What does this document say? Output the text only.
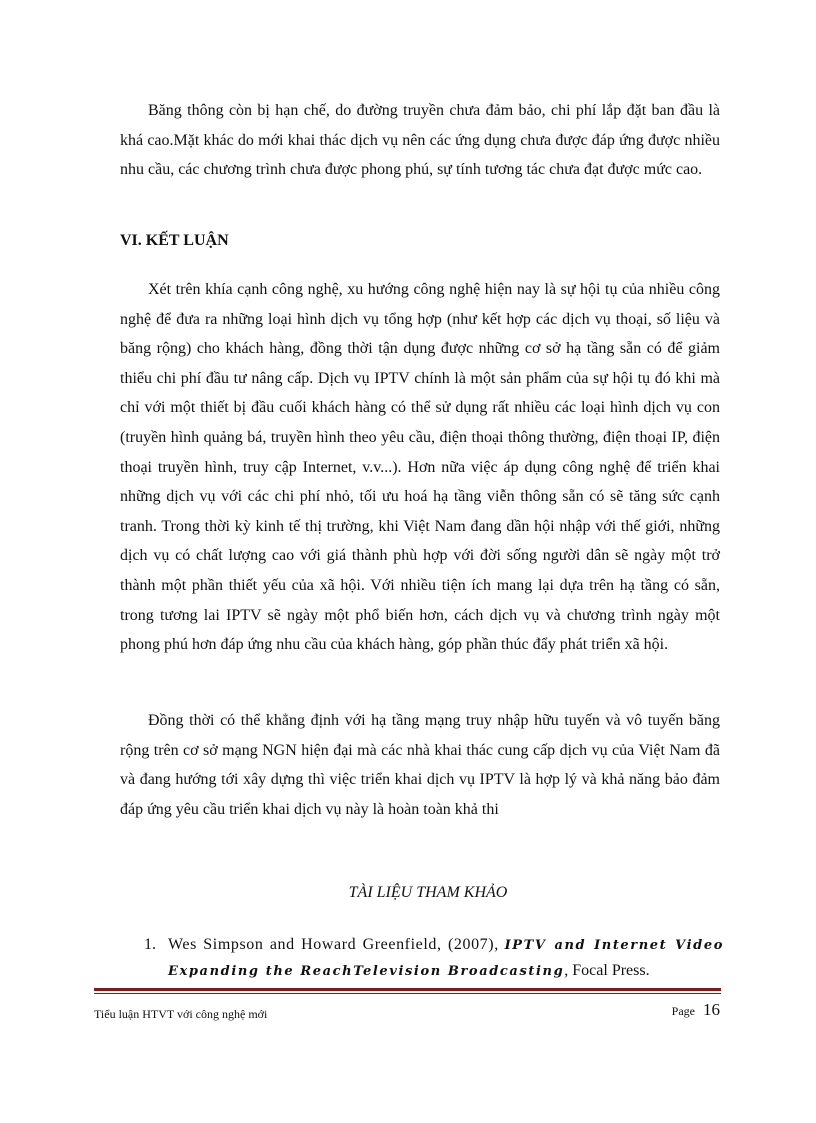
Băng thông còn bị hạn chế, do đường truyền chưa đảm bảo, chi phí lắp đặt ban đầu là khá cao.Mặt khác do mới khai thác dịch vụ nên các ứng dụng chưa được đáp ứng được nhiều nhu cầu, các chương trình chưa được phong phú, sự tính tương tác chưa đạt được mức cao.

VI. KẾT LUẬN

Xét trên khía cạnh công nghệ, xu hướng công nghệ hiện nay là sự hội tụ của nhiều công nghệ để đưa ra những loại hình dịch vụ tổng hợp (như kết hợp các dịch vụ thoại, số liệu và băng rộng) cho khách hàng, đồng thời tận dụng được những cơ sở hạ tầng sẵn có để giảm thiểu chi phí đầu tư nâng cấp. Dịch vụ IPTV chính là một sản phẩm của sự hội tụ đó khi mà chỉ với một thiết bị đầu cuối khách hàng có thể sử dụng rất nhiều các loại hình dịch vụ con (truyền hình quảng bá, truyền hình theo yêu cầu, điện thoại thông thường, điện thoại IP, điện thoại truyền hình, truy cập Internet, v.v...). Hơn nữa việc áp dụng công nghệ để triển khai những dịch vụ với các chi phí nhỏ, tối ưu hoá hạ tầng viễn thông sẵn có sẽ tăng sức cạnh tranh. Trong thời kỳ kinh tế thị trường, khi Việt Nam đang dần hội nhập với thế giới, những dịch vụ có chất lượng cao với giá thành phù hợp với đời sống người dân sẽ ngày một trở thành một phần thiết yếu của xã hội. Với nhiều tiện ích mang lại dựa trên hạ tầng có sẵn, trong tương lai IPTV sẽ ngày một phổ biến hơn, cách dịch vụ và chương trình ngày một phong phú hơn đáp ứng nhu cầu của khách hàng, góp phần thúc đẩy phát triển xã hội.

Đồng thời có thể khẳng định với hạ tầng mạng truy nhập hữu tuyến và vô tuyến băng rộng trên cơ sở mạng NGN hiện đại mà các nhà khai thác cung cấp dịch vụ của Việt Nam đã và đang hướng tới xây dựng thì việc triển khai dịch vụ IPTV là hợp lý và khả năng bảo đảm đáp ứng yêu cầu triển khai dịch vụ này là hoàn toàn khả thi

TÀI LIỆU THAM KHẢO
1. Wes Simpson and Howard Greenfield, (2007), IPTV and Internet Video Expanding the ReachTelevision Broadcasting, Focal Press.
Tiểu luận HTVT với công nghệ mới	Page 16
